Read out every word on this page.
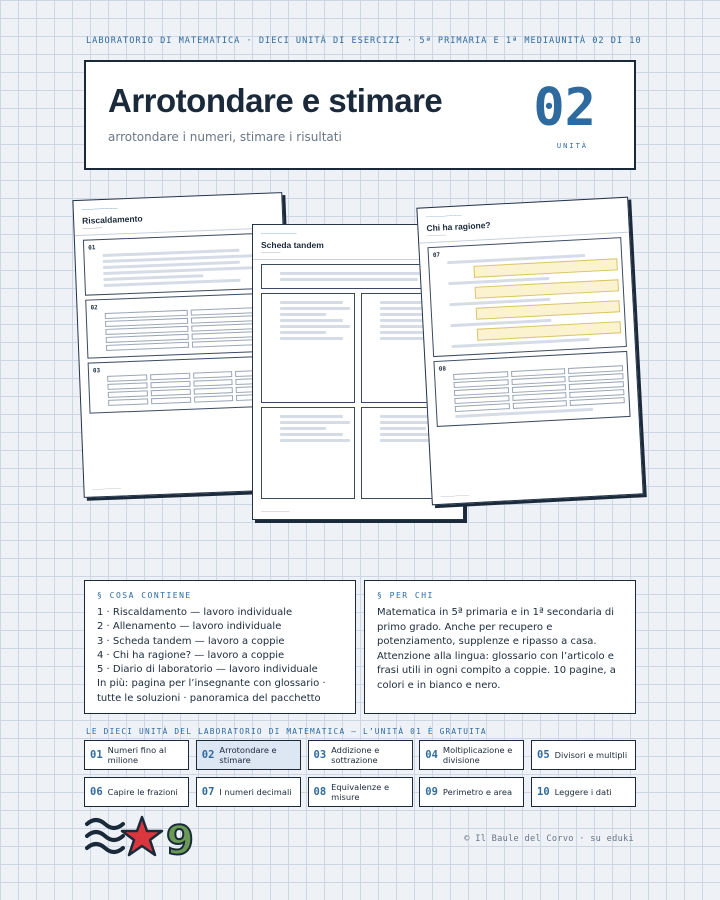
LABORATORIO DI MATEMATICA · DIECI UNITÀ DI ESERCIZI · 5ª PRIMARIA E 1ª MEDIA UNITÀ 02 DI 10
Arrotondare e stimare
arrotondare i numeri, stimare i risultati	02
UNITÀ
──────────────
Riscaldamento
─────────
01
02
03
──────────────
──────────────
Scheda tandem
─────────
──────────────
──────────────
Chi ha ragione?
─────────
07
08
──────────────
§ COSA CONTIENE
1 · Riscaldamento — lavoro individuale
2 · Allenamento — lavoro individuale
3 · Scheda tandem — lavoro a coppie
4 · Chi ha ragione? — lavoro a coppie
5 · Diario di laboratorio — lavoro individuale
In più: pagina per l’insegnante con glossario · tutte le soluzioni · panoramica del pacchetto
§ PER CHI
Matematica in 5ª primaria e in 1ª secondaria di primo grado. Anche per recupero e potenziamento, supplenze e ripasso a casa. Attenzione alla lingua: glossario con l’articolo e frasi utili in ogni compito a coppie. 10 pagine, a colori e in bianco e nero.
LE DIECI UNITÀ DEL LABORATORIO DI MATEMATICA — L’UNITÀ 01 È GRATUITA
01 Numeri fino al milione	02 Arrotondare e stimare	03 Addizione e sottrazione	04 Moltiplicazione e divisione	05 Divisori e multipli
06 Capire le frazioni 07 I numeri decimali 08 Equivalenze e misure	09 Perimetro e area 10 Leggere i dati
9	© Il Baule del Corvo · su eduki
